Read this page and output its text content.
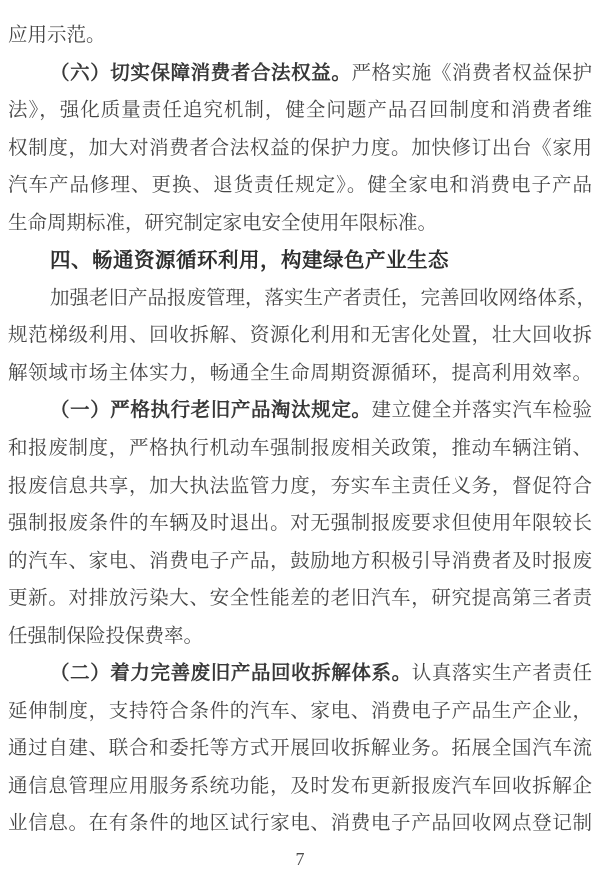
应用示范。
（六）切实保障消费者合法权益。严格实施《消费者权益保护
法》，强化质量责任追究机制，健全问题产品召回制度和消费者维
权制度，加大对消费者合法权益的保护力度。加快修订出台《家用
汽车产品修理、更换、退货责任规定》。健全家电和消费电子产品
生命周期标准，研究制定家电安全使用年限标准。
四、畅通资源循环利用，构建绿色产业生态
加强老旧产品报废管理，落实生产者责任，完善回收网络体系，
规范梯级利用、回收拆解、资源化利用和无害化处置，壮大回收拆
解领域市场主体实力，畅通全生命周期资源循环，提高利用效率。
（一）严格执行老旧产品淘汰规定。建立健全并落实汽车检验
和报废制度，严格执行机动车强制报废相关政策，推动车辆注销、
报废信息共享，加大执法监管力度，夯实车主责任义务，督促符合
强制报废条件的车辆及时退出。对无强制报废要求但使用年限较长
的汽车、家电、消费电子产品，鼓励地方积极引导消费者及时报废
更新。对排放污染大、安全性能差的老旧汽车，研究提高第三者责
任强制保险投保费率。
（二）着力完善废旧产品回收拆解体系。认真落实生产者责任
延伸制度，支持符合条件的汽车、家电、消费电子产品生产企业，
通过自建、联合和委托等方式开展回收拆解业务。拓展全国汽车流
通信息管理应用服务系统功能，及时发布更新报废汽车回收拆解企
业信息。在有条件的地区试行家电、消费电子产品回收网点登记制
7
